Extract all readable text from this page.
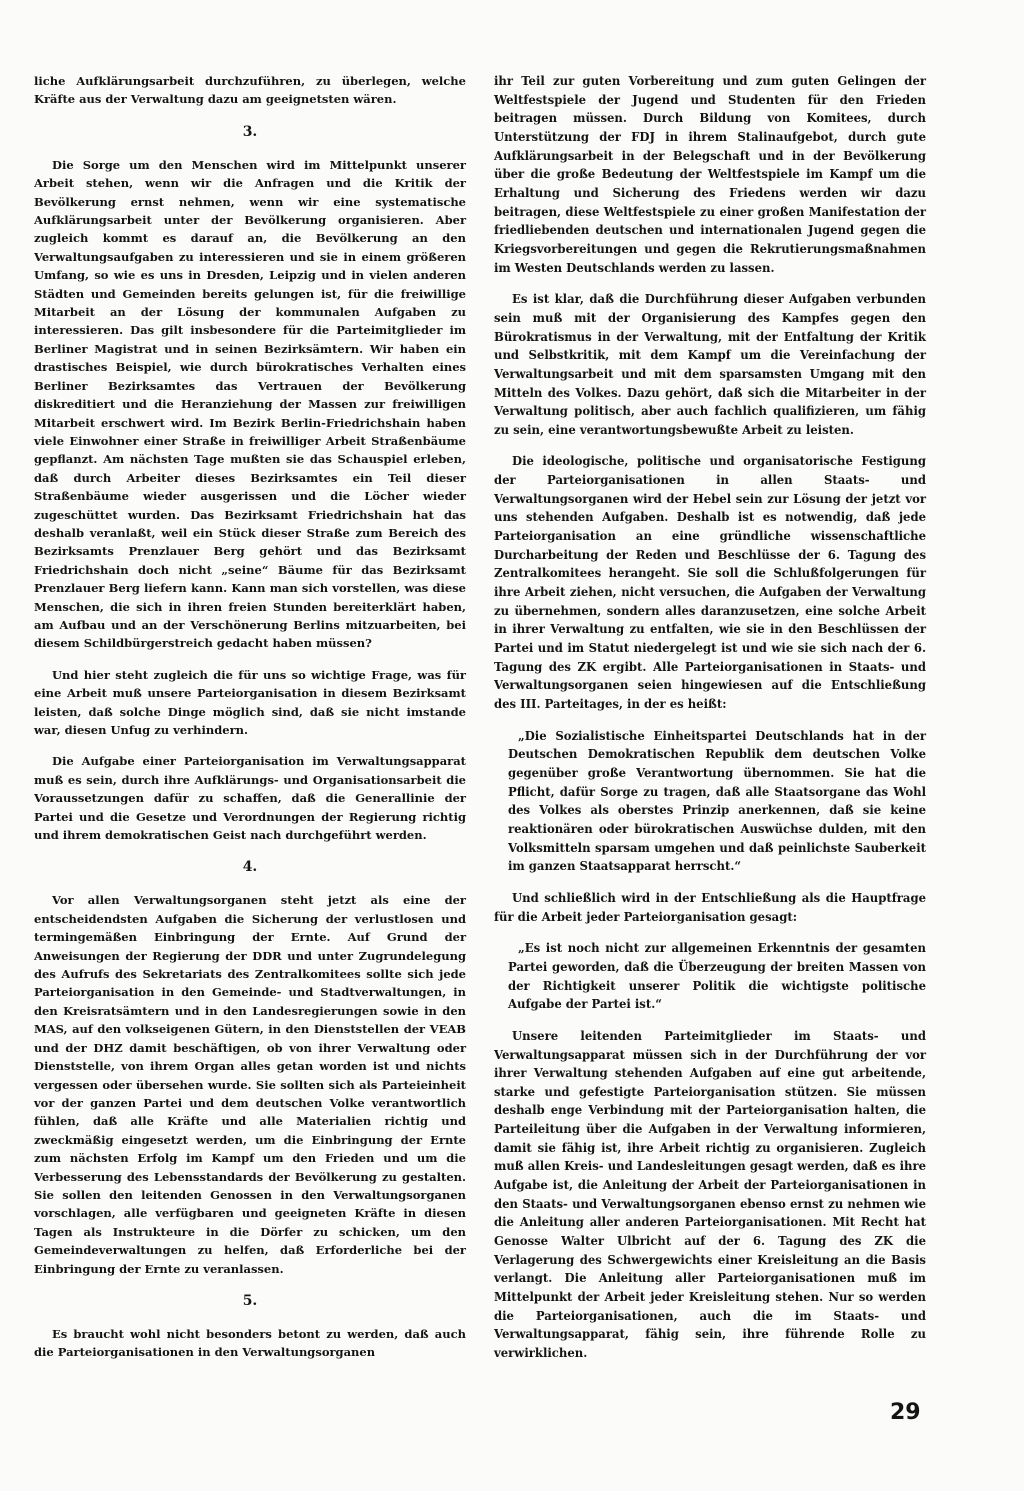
liche Aufklärungsarbeit durchzuführen, zu überlegen, welche Kräfte aus der Verwaltung dazu am geeignetsten wären.

3.

Die Sorge um den Menschen wird im Mittelpunkt unserer Arbeit stehen, wenn wir die Anfragen und die Kritik der Bevölkerung ernst nehmen, wenn wir eine systematische Aufklärungsarbeit unter der Bevölkerung organisieren. Aber zugleich kommt es darauf an, die Bevölkerung an den Verwaltungsaufgaben zu interessieren und sie in einem größeren Umfang, so wie es uns in Dresden, Leipzig und in vielen anderen Städten und Gemeinden bereits gelungen ist, für die freiwillige Mitarbeit an der Lösung der kommunalen Aufgaben zu interessieren. Das gilt insbesondere für die Parteimitglieder im Berliner Magistrat und in seinen Bezirksämtern. Wir haben ein drastisches Beispiel, wie durch bürokratisches Verhalten eines Berliner Bezirksamtes das Vertrauen der Bevölkerung diskreditiert und die Heranziehung der Massen zur freiwilligen Mitarbeit erschwert wird. Im Bezirk Berlin-Friedrichshain haben viele Einwohner einer Straße in freiwilliger Arbeit Straßenbäume gepflanzt. Am nächsten Tage mußten sie das Schauspiel erleben, daß durch Arbeiter dieses Bezirksamtes ein Teil dieser Straßenbäume wieder ausgerissen und die Löcher wieder zugeschüttet wurden. Das Bezirksamt Friedrichshain hat das deshalb veranlaßt, weil ein Stück dieser Straße zum Bereich des Bezirksamts Prenzlauer Berg gehört und das Bezirksamt Friedrichshain doch nicht „seine“ Bäume für das Bezirksamt Prenzlauer Berg liefern kann. Kann man sich vorstellen, was diese Menschen, die sich in ihren freien Stunden bereiterklärt haben, am Aufbau und an der Verschönerung Berlins mitzuarbeiten, bei diesem Schildbürgerstreich gedacht haben müssen?

Und hier steht zugleich die für uns so wichtige Frage, was für eine Arbeit muß unsere Parteiorganisation in diesem Bezirksamt leisten, daß solche Dinge möglich sind, daß sie nicht imstande war, diesen Unfug zu verhindern.

Die Aufgabe einer Parteiorganisation im Verwaltungsapparat muß es sein, durch ihre Aufklärungs- und Organisationsarbeit die Voraussetzungen dafür zu schaffen, daß die Generallinie der Partei und die Gesetze und Verordnungen der Regierung richtig und ihrem demokratischen Geist nach durchgeführt werden.

4.

Vor allen Verwaltungsorganen steht jetzt als eine der entscheidendsten Aufgaben die Sicherung der verlustlosen und termingemäßen Einbringung der Ernte. Auf Grund der Anweisungen der Regierung der DDR und unter Zugrundelegung des Aufrufs des Sekretariats des Zentralkomitees sollte sich jede Parteiorganisation in den Gemeinde- und Stadtverwaltungen, in den Kreisratsämtern und in den Landesregierungen sowie in den MAS, auf den volkseigenen Gütern, in den Dienststellen der VEAB und der DHZ damit beschäftigen, ob von ihrer Verwaltung oder Dienststelle, von ihrem Organ alles getan worden ist und nichts vergessen oder übersehen wurde. Sie sollten sich als Parteieinheit vor der ganzen Partei und dem deutschen Volke verantwortlich fühlen, daß alle Kräfte und alle Materialien richtig und zweckmäßig eingesetzt werden, um die Einbringung der Ernte zum nächsten Erfolg im Kampf um den Frieden und um die Verbesserung des Lebensstandards der Bevölkerung zu gestalten. Sie sollen den leitenden Genossen in den Verwaltungsorganen vorschlagen, alle verfügbaren und geeigneten Kräfte in diesen Tagen als Instrukteure in die Dörfer zu schicken, um den Gemeindeverwaltungen zu helfen, daß Erforderliche bei der Einbringung der Ernte zu veranlassen.

5.

Es braucht wohl nicht besonders betont zu werden, daß auch die Parteiorganisationen in den Verwaltungsorganen

ihr Teil zur guten Vorbereitung und zum guten Gelingen der Weltfestspiele der Jugend und Studenten für den Frieden beitragen müssen. Durch Bildung von Komitees, durch Unterstützung der FDJ in ihrem Stalinaufgebot, durch gute Aufklärungsarbeit in der Belegschaft und in der Bevölkerung über die große Bedeutung der Weltfestspiele im Kampf um die Erhaltung und Sicherung des Friedens werden wir dazu beitragen, diese Weltfestspiele zu einer großen Manifestation der friedliebenden deutschen und internationalen Jugend gegen die Kriegsvorbereitungen und gegen die Rekrutierungsmaßnahmen im Westen Deutschlands werden zu lassen.

Es ist klar, daß die Durchführung dieser Aufgaben verbunden sein muß mit der Organisierung des Kampfes gegen den Bürokratismus in der Verwaltung, mit der Entfaltung der Kritik und Selbstkritik, mit dem Kampf um die Vereinfachung der Verwaltungsarbeit und mit dem sparsamsten Umgang mit den Mitteln des Volkes. Dazu gehört, daß sich die Mitarbeiter in der Verwaltung politisch, aber auch fachlich qualifizieren, um fähig zu sein, eine verantwortungsbewußte Arbeit zu leisten.

Die ideologische, politische und organisatorische Festigung der Parteiorganisationen in allen Staats- und Verwaltungsorganen wird der Hebel sein zur Lösung der jetzt vor uns stehenden Aufgaben. Deshalb ist es notwendig, daß jede Parteiorganisation an eine gründliche wissenschaftliche Durcharbeitung der Reden und Beschlüsse der 6. Tagung des Zentralkomitees herangeht. Sie soll die Schlußfolgerungen für ihre Arbeit ziehen, nicht versuchen, die Aufgaben der Verwaltung zu übernehmen, sondern alles daranzusetzen, eine solche Arbeit in ihrer Verwaltung zu entfalten, wie sie in den Beschlüssen der Partei und im Statut niedergelegt ist und wie sie sich nach der 6. Tagung des ZK ergibt. Alle Parteiorganisationen in Staats- und Verwaltungsorganen seien hingewiesen auf die Entschließung des III. Parteitages, in der es heißt:

„Die Sozialistische Einheitspartei Deutschlands hat in der Deutschen Demokratischen Republik dem deutschen Volke gegenüber große Verantwortung übernommen. Sie hat die Pflicht, dafür Sorge zu tragen, daß alle Staatsorgane das Wohl des Volkes als oberstes Prinzip anerkennen, daß sie keine reaktionären oder bürokratischen Auswüchse dulden, mit den Volksmitteln sparsam umgehen und daß peinlichste Sauberkeit im ganzen Staatsapparat herrscht.“

Und schließlich wird in der Entschließung als die Hauptfrage für die Arbeit jeder Parteiorganisation gesagt:

„Es ist noch nicht zur allgemeinen Erkenntnis der gesamten Partei geworden, daß die Überzeugung der breiten Massen von der Richtigkeit unserer Politik die wichtigste politische Aufgabe der Partei ist.“

Unsere leitenden Parteimitglieder im Staats- und Verwaltungsapparat müssen sich in der Durchführung der vor ihrer Verwaltung stehenden Aufgaben auf eine gut arbeitende, starke und gefestigte Parteiorganisation stützen. Sie müssen deshalb enge Verbindung mit der Parteiorganisation halten, die Parteileitung über die Aufgaben in der Verwaltung informieren, damit sie fähig ist, ihre Arbeit richtig zu organisieren. Zugleich muß allen Kreis- und Landesleitungen gesagt werden, daß es ihre Aufgabe ist, die Anleitung der Arbeit der Parteiorganisationen in den Staats- und Verwaltungsorganen ebenso ernst zu nehmen wie die Anleitung aller anderen Parteiorganisationen. Mit Recht hat Genosse Walter Ulbricht auf der 6. Tagung des ZK die Verlagerung des Schwergewichts einer Kreisleitung an die Basis verlangt. Die Anleitung aller Parteiorganisationen muß im Mittelpunkt der Arbeit jeder Kreisleitung stehen. Nur so werden die Parteiorganisationen, auch die im Staats- und Verwaltungsapparat, fähig sein, ihre führende Rolle zu verwirklichen.

29
